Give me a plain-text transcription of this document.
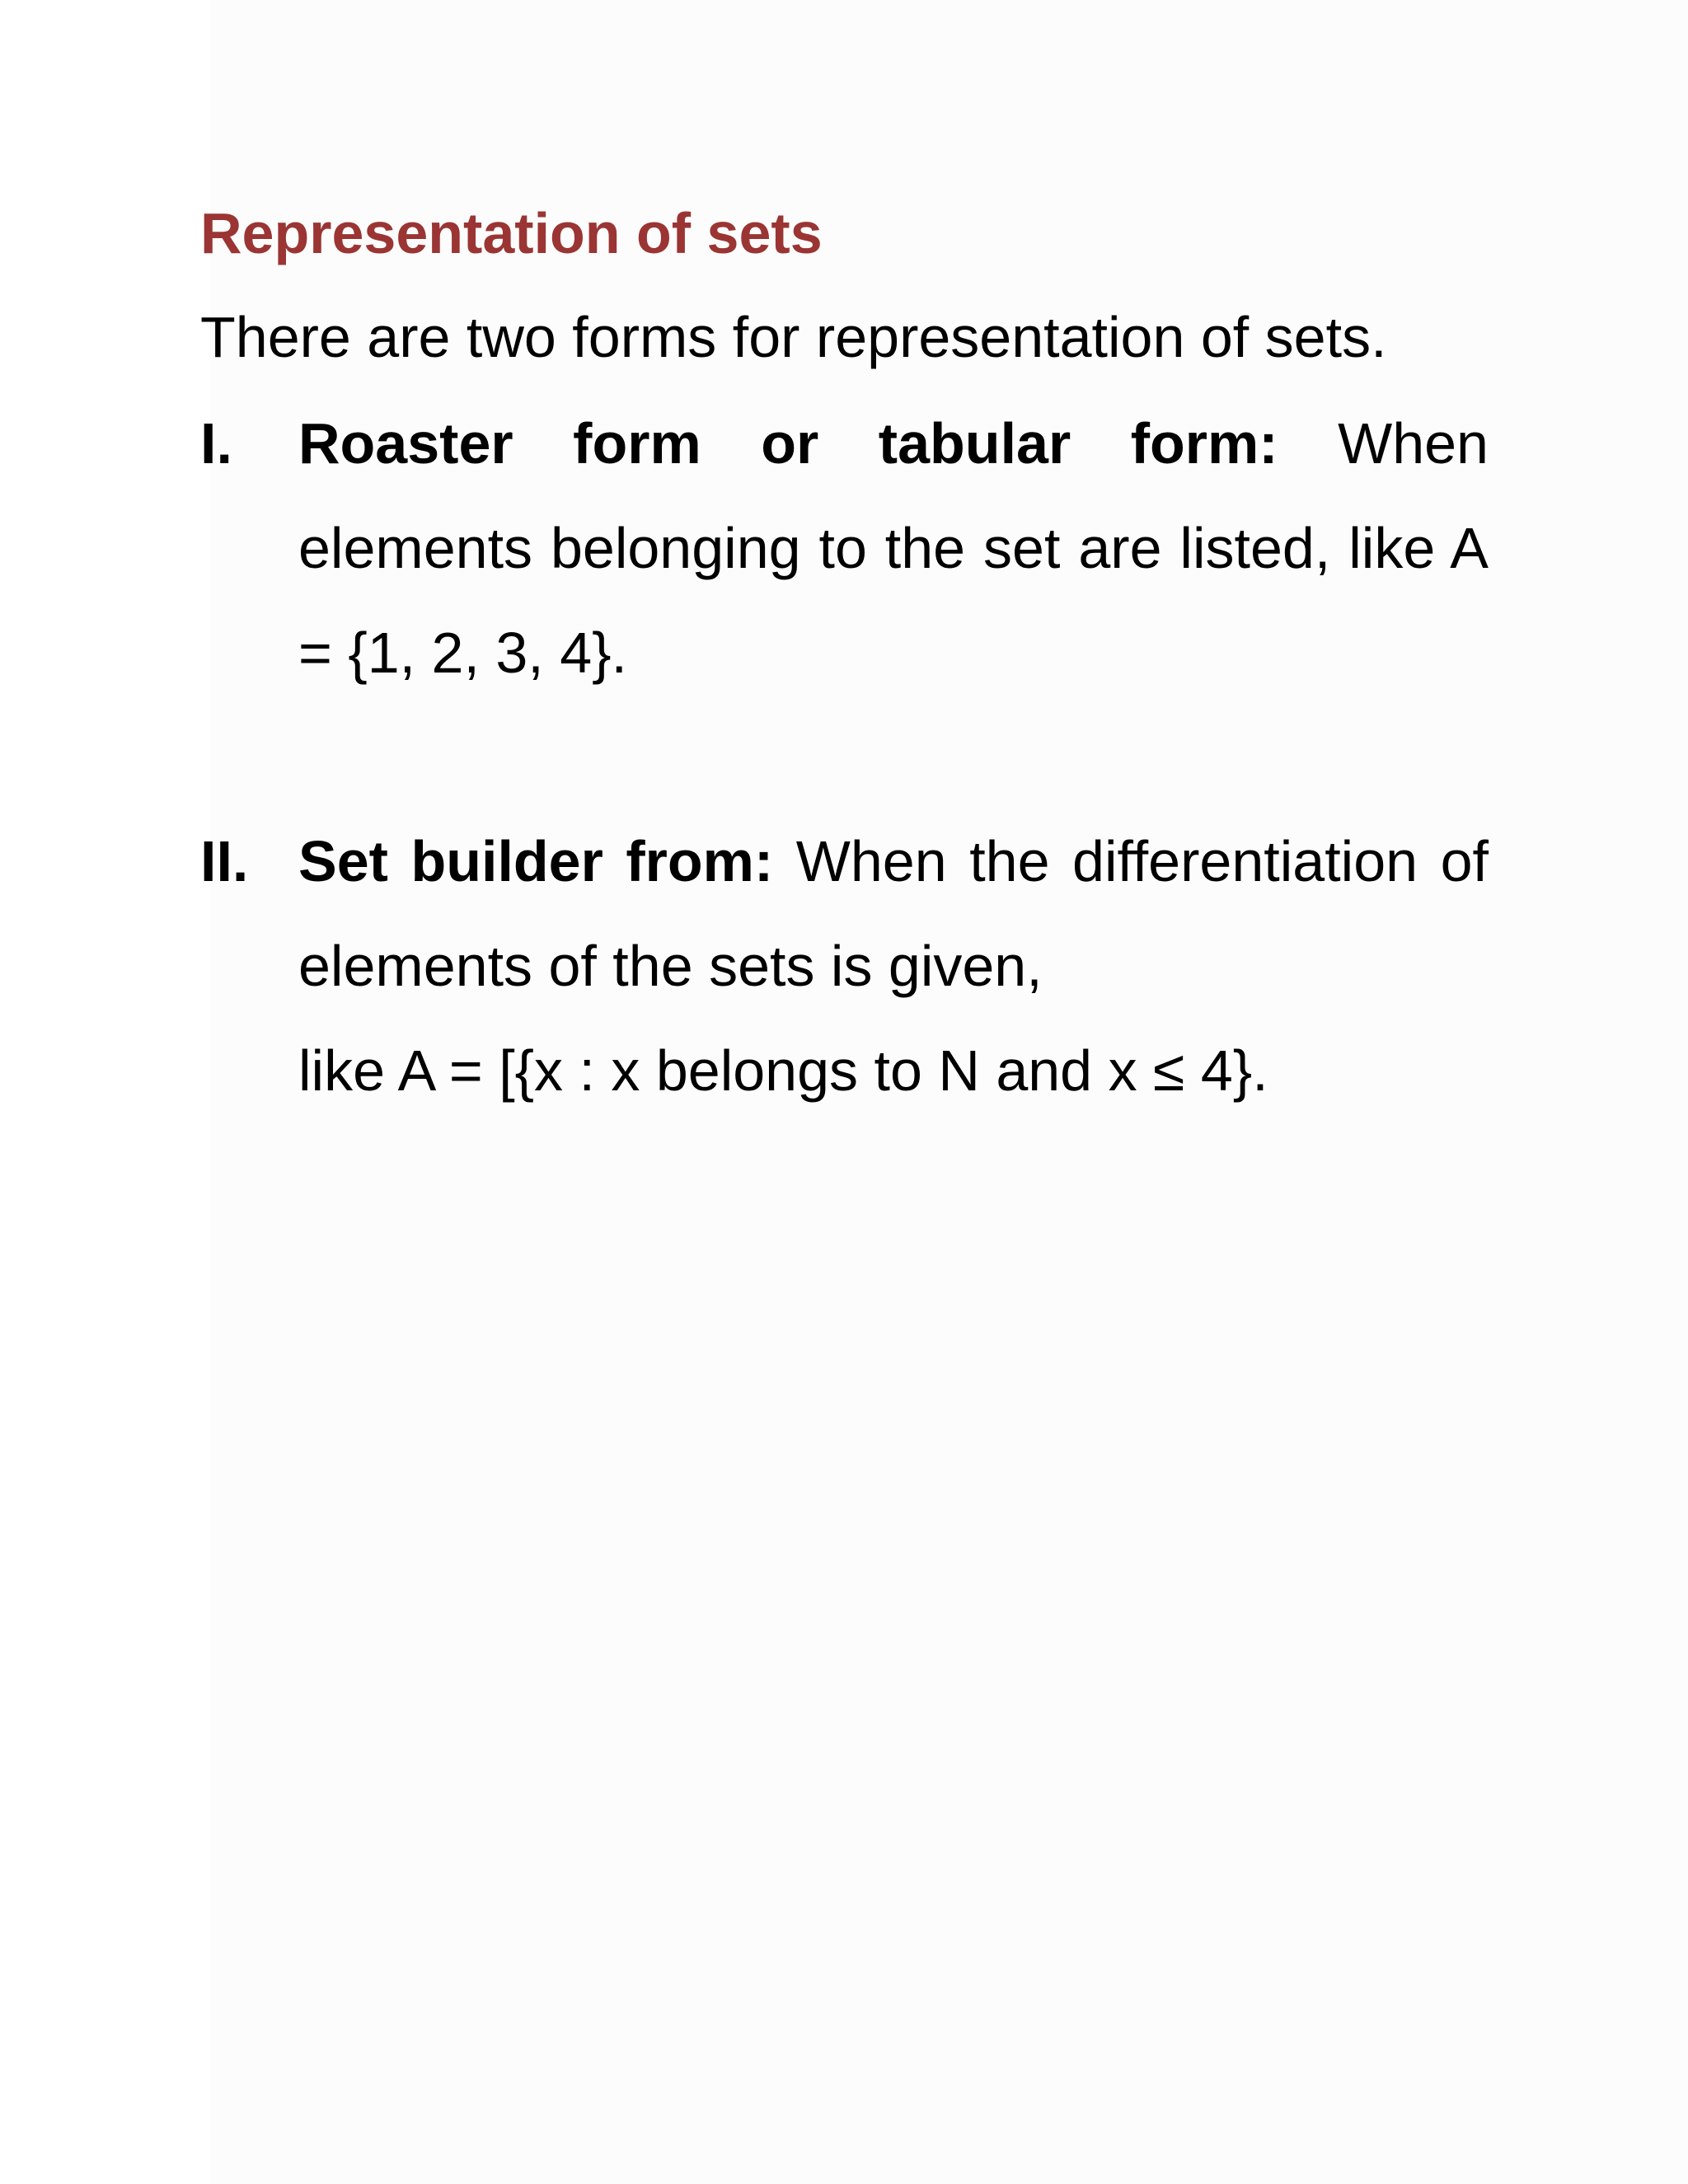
Representation of sets

There are two forms for representation of sets.

I. Roaster form or tabular form: When elements belonging to the set are listed, like A = {1, 2, 3, 4}.
II. Set builder from: When the differentiation of elements of the sets is given,
like A = [{x : x belongs to N and x ≤ 4}.
